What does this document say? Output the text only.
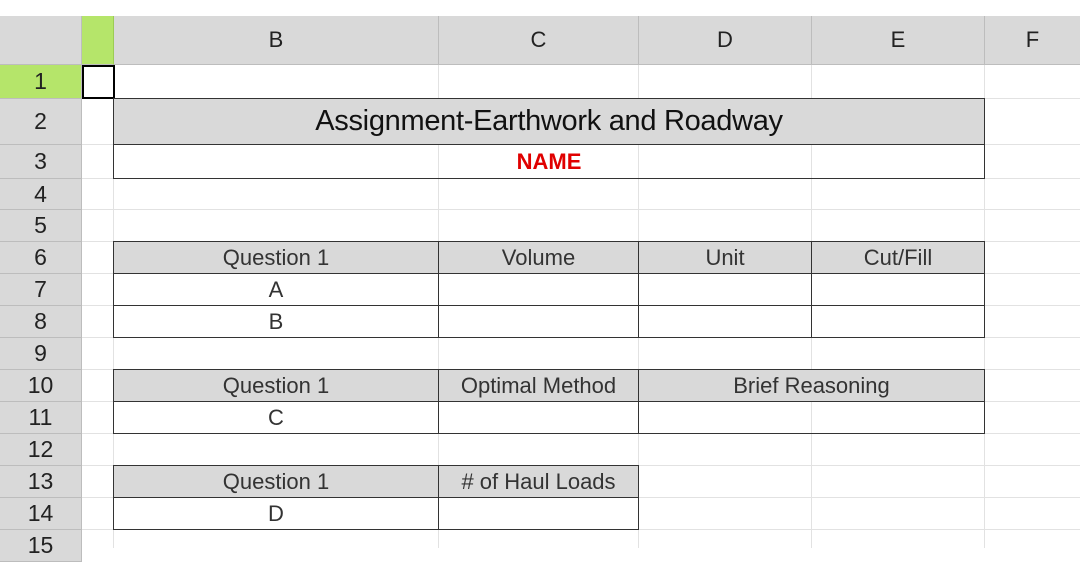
B	C	D	E	F
1
2
3
4
5
6
7
8
9
10
11
12
13
14
15
Assignment-Earthwork and Roadway
NAME
Question 1	Volume	Unit	Cut/Fill
A
B
Question 1	Optimal Method	Brief Reasoning
C
Question 1	# of Haul Loads
D
